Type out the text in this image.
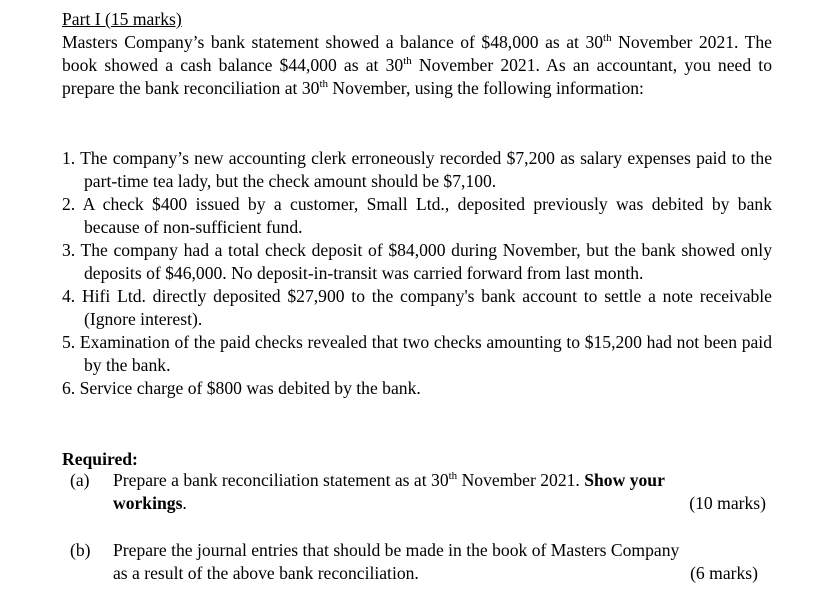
Part I (15 marks)
Masters Company’s bank statement showed a balance of $48,000 as at 30th November 2021. The book showed a cash balance $44,000 as at 30th November 2021. As an accountant, you need to prepare the bank reconciliation at 30th November, using the following information:

1. The company’s new accounting clerk erroneously recorded $7,200 as salary expenses paid to the part-time tea lady, but the check amount should be $7,100.

2. A check $400 issued by a customer, Small Ltd., deposited previously was debited by bank because of non-sufficient fund.

3. The company had a total check deposit of $84,000 during November, but the bank showed only deposits of $46,000. No deposit-in-transit was carried forward from last month.

4. Hifi Ltd. directly deposited $27,900 to the company's bank account to settle a note receivable (Ignore interest).

5. Examination of the paid checks revealed that two checks amounting to $15,200 had not been paid by the bank.

6. Service charge of $800 was debited by the bank.

Required:
(a) Prepare a bank reconciliation statement as at 30th November 2021. Show your
workings.	(10 marks)
(b) Prepare the journal entries that should be made in the book of Masters Company
as a result of the above bank reconciliation.	(6 marks)
